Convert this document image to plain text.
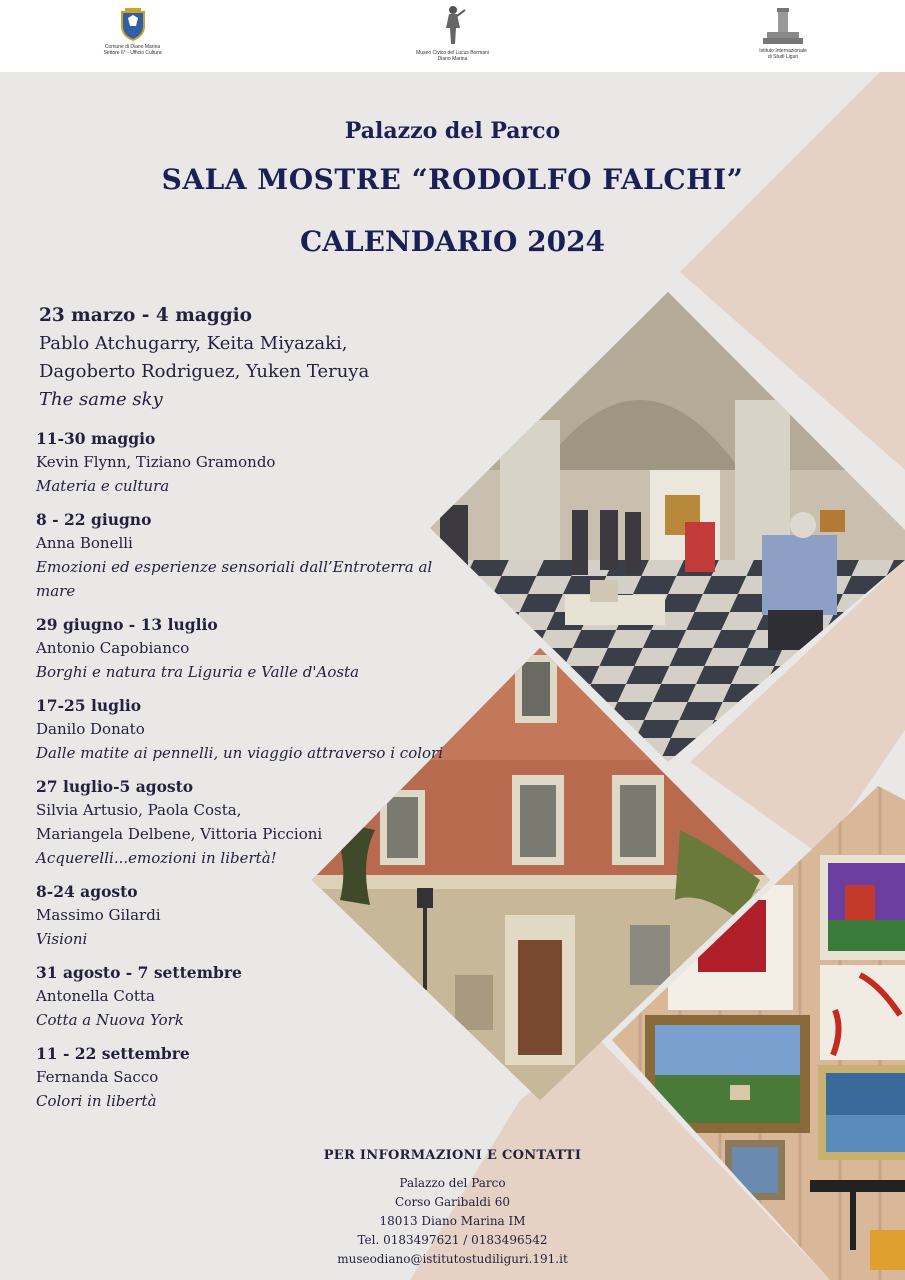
Comune di Diano Marina
Settore 6° - Ufficio Cultura	Museo Civico del Lucus Bormani
Diano Marina
Istituto Internazionale
di Studi Liguri
Palazzo del Parco
SALA MOSTRE “RODOLFO FALCHI”
CALENDARIO 2024
23 marzo - 4 maggio
Pablo Atchugarry, Keita Miyazaki,
Dagoberto Rodriguez, Yuken Teruya
The same sky
11-30 maggio
Kevin Flynn, Tiziano Gramondo
Materia e cultura
8 - 22 giugno
Anna Bonelli
Emozioni ed esperienze sensoriali dall’Entroterra al mare
29 giugno - 13 luglio
Antonio Capobianco
Borghi e natura tra Liguria e Valle d'Aosta
17-25 luglio
Danilo Donato
Dalle matite ai pennelli, un viaggio attraverso i colori
27 luglio-5 agosto
Silvia Artusio, Paola Costa,
Mariangela Delbene, Vittoria Piccioni
Acquerelli...emozioni in libertà!
8-24 agosto
Massimo Gilardi
Visioni
31 agosto - 7 settembre
Antonella Cotta
Cotta a Nuova York
11 - 22 settembre
Fernanda Sacco
Colori in libertà
PER INFORMAZIONI E CONTATTI
Palazzo del Parco
Corso Garibaldi 60
18013 Diano Marina IM
Tel. 0183497621 / 0183496542
museodiano@istitutostudiliguri.191.it
